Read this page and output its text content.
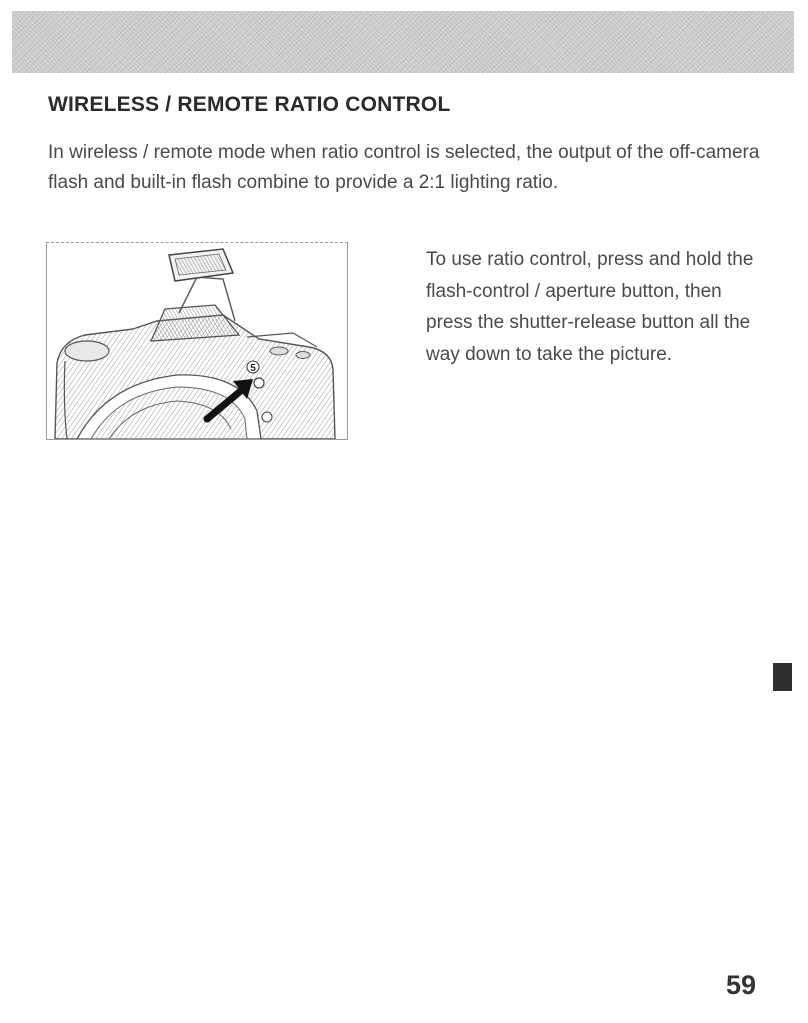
WIRELESS / REMOTE RATIO CONTROL

In wireless / remote mode when ratio control is selected, the output of the off-camera flash and built-in flash combine to provide a 2:1 lighting ratio.

5

To use ratio control, press and hold the flash-control / aperture button, then press the shutter-release button all the way down to take the picture.

59
